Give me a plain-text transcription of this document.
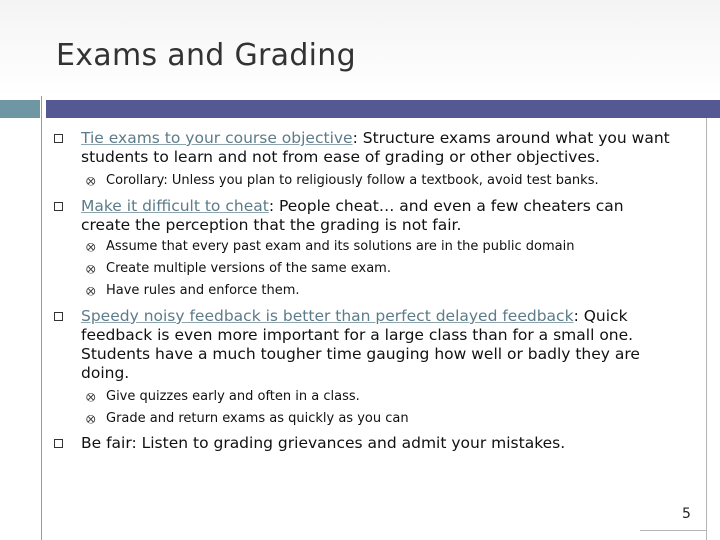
Exams and Grading
Tie exams to your course objective: Structure exams around what you want students to learn and not from ease of grading or other objectives.
⭙ Corollary: Unless you plan to religiously follow a textbook, avoid test banks.
Make it difficult to cheat: People cheat… and even a few cheaters can create the perception that the grading is not fair.
⭙ Assume that every past exam and its solutions are in the public domain
⭙ Create multiple versions of the same exam.
⭙ Have rules and enforce them.
Speedy noisy feedback is better than perfect delayed feedback: Quick feedback is even more important for a large class than for a small one. Students have a much tougher time gauging how well or badly they are doing.
⭙ Give quizzes early and often in a class.
⭙ Grade and return exams as quickly as you can
Be fair: Listen to grading grievances and admit your mistakes.
5
